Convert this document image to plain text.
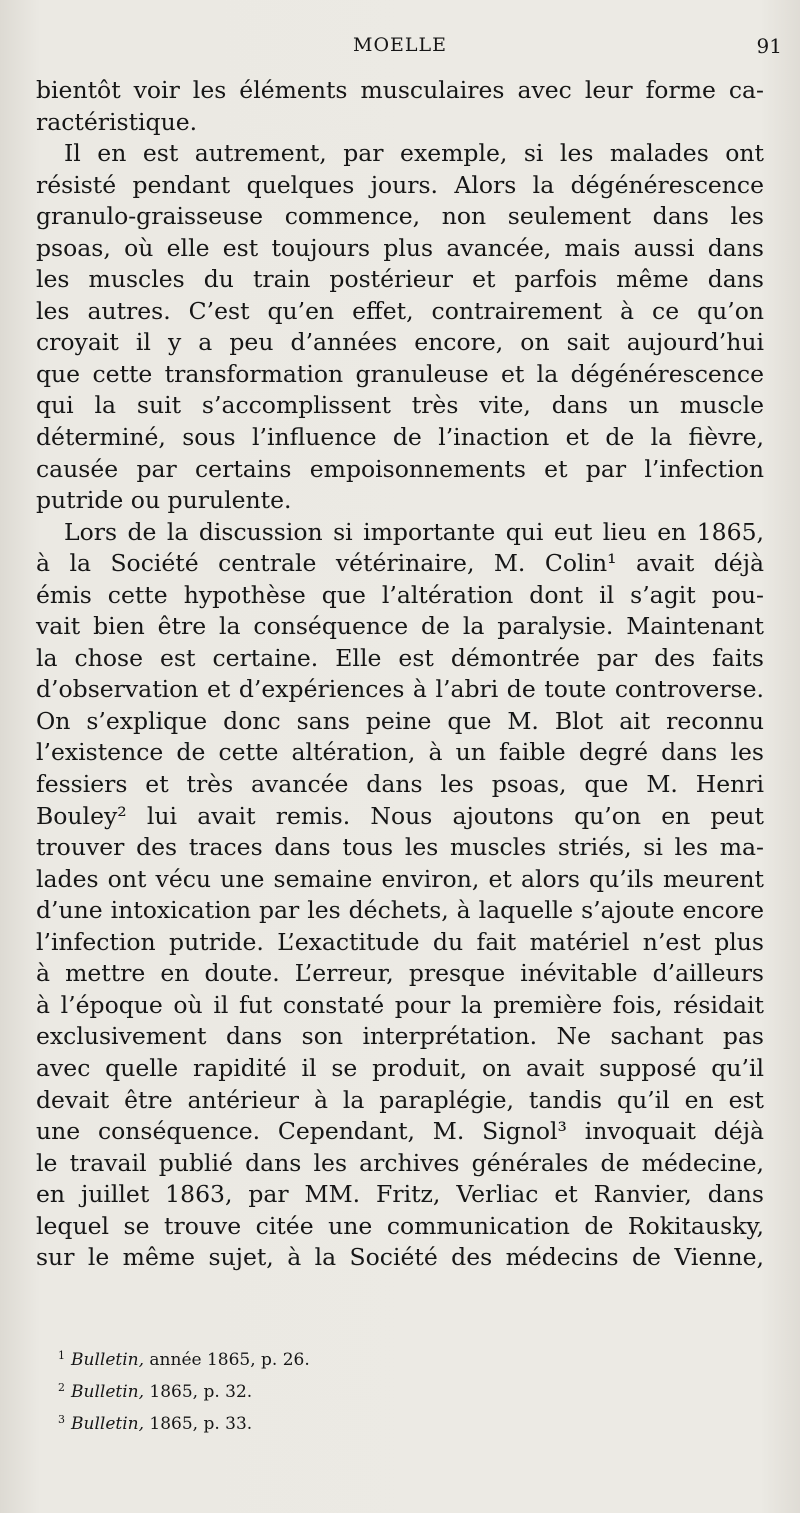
MOELLE	91
bientôt voir les éléments musculaires avec leur forme ca-
ractéristique.
Il en est autrement, par exemple, si les malades ont
résisté pendant quelques jours. Alors la dégénérescence
granulo-graisseuse commence, non seulement dans les
psoas, où elle est toujours plus avancée, mais aussi dans
les muscles du train postérieur et parfois même dans
les autres. C’est qu’en effet, contrairement à ce qu’on
croyait il y a peu d’années encore, on sait aujourd’hui
que cette transformation granuleuse et la dégénérescence
qui la suit s’accomplissent très vite, dans un muscle
déterminé, sous l’influence de l’inaction et de la fièvre,
causée par certains empoisonnements et par l’infection
putride ou purulente.
Lors de la discussion si importante qui eut lieu en 1865,
à la Société centrale vétérinaire, M. Colin¹ avait déjà
émis cette hypothèse que l’altération dont il s’agit pou-
vait bien être la conséquence de la paralysie. Maintenant
la chose est certaine. Elle est démontrée par des faits
d’observation et d’expériences à l’abri de toute controverse.
On s’explique donc sans peine que M. Blot ait reconnu
l’existence de cette altération, à un faible degré dans les
fessiers et très avancée dans les psoas, que M. Henri
Bouley² lui avait remis. Nous ajoutons qu’on en peut
trouver des traces dans tous les muscles striés, si les ma-
lades ont vécu une semaine environ, et alors qu’ils meurent
d’une intoxication par les déchets, à laquelle s’ajoute encore
l’infection putride. L’exactitude du fait matériel n’est plus
à mettre en doute. L’erreur, presque inévitable d’ailleurs
à l’époque où il fut constaté pour la première fois, résidait
exclusivement dans son interprétation. Ne sachant pas
avec quelle rapidité il se produit, on avait supposé qu’il
devait être antérieur à la paraplégie, tandis qu’il en est
une conséquence. Cependant, M. Signol³ invoquait déjà
le travail publié dans les archives générales de médecine,
en juillet 1863, par MM. Fritz, Verliac et Ranvier, dans
lequel se trouve citée une communication de Rokitausky,
sur le même sujet, à la Société des médecins de Vienne,
$^1$ Bulletin, année 1865, p. 26.
$^2$ Bulletin, 1865, p. 32.
$^3$ Bulletin, 1865, p. 33.
